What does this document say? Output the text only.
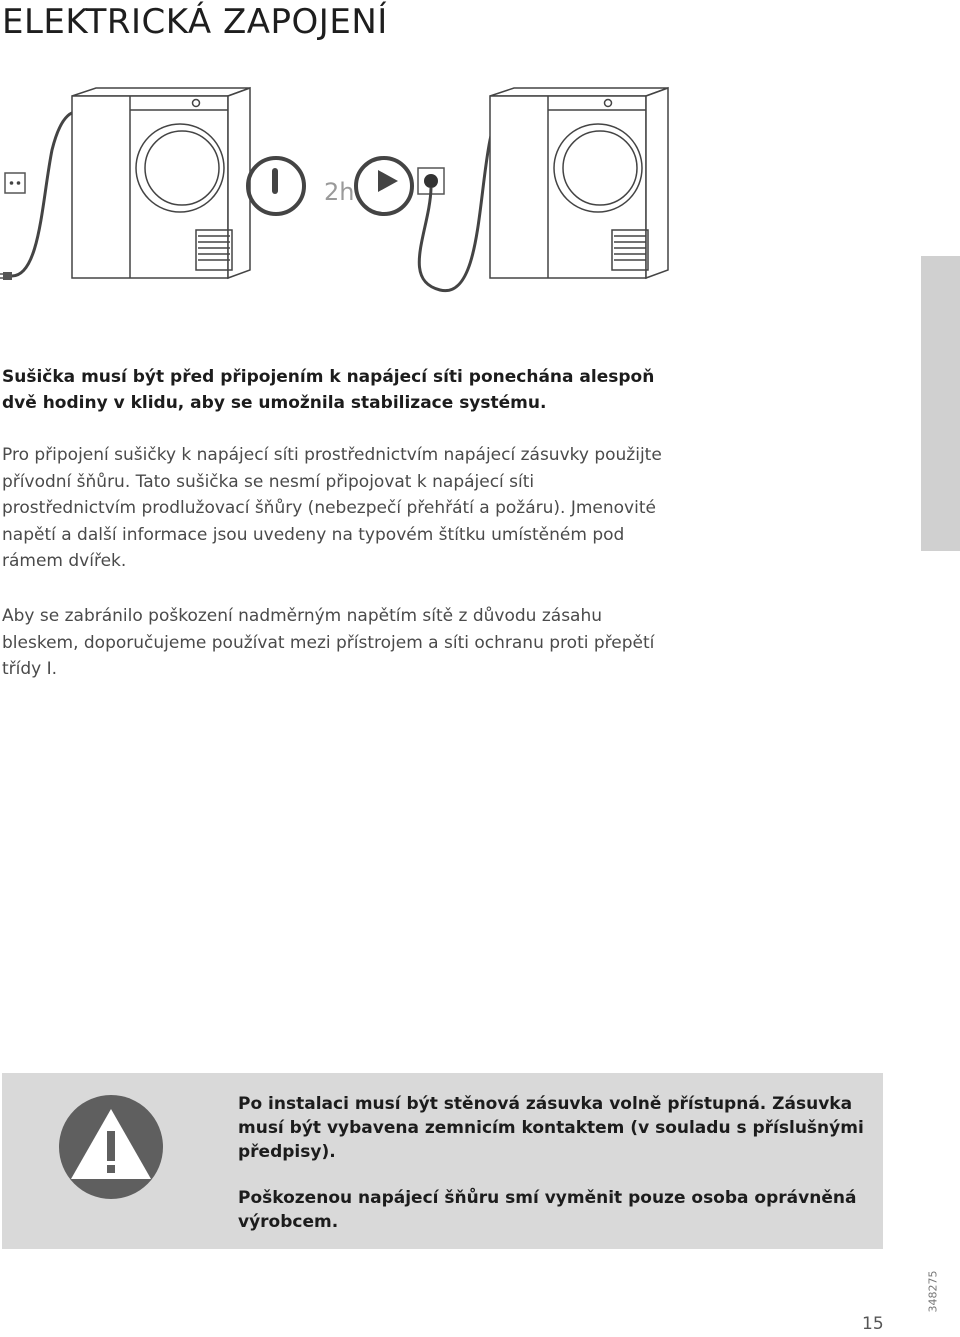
ELEKTRICKÁ ZAPOJENÍ
2h

Sušička musí být před připojením k napájecí síti ponechána alespoň dvě hodiny v klidu, aby se umožnila stabilizace systému.

Pro připojení sušičky k napájecí síti prostřednictvím napájecí zásuvky použijte přívodní šňůru. Tato sušička se nesmí připojovat k napájecí síti prostřednictvím prodlužovací šňůry (nebezpečí přehřátí a požáru). Jmenovité napětí a další informace jsou uvedeny na typovém štítku umístěném pod rámem dvířek.

Aby se zabránilo poškození nadměrným napětím sítě z důvodu zásahu bleskem, doporučujeme používat mezi přístrojem a síti ochranu proti přepětí třídy I.

Po instalaci musí být stěnová zásuvka volně přístupná. Zásuvka musí být vybavena zemnicím kontaktem (v souladu s příslušnými předpisy).

Poškozenou napájecí šňůru smí vyměnit pouze osoba oprávněná výrobcem.

15
348275
